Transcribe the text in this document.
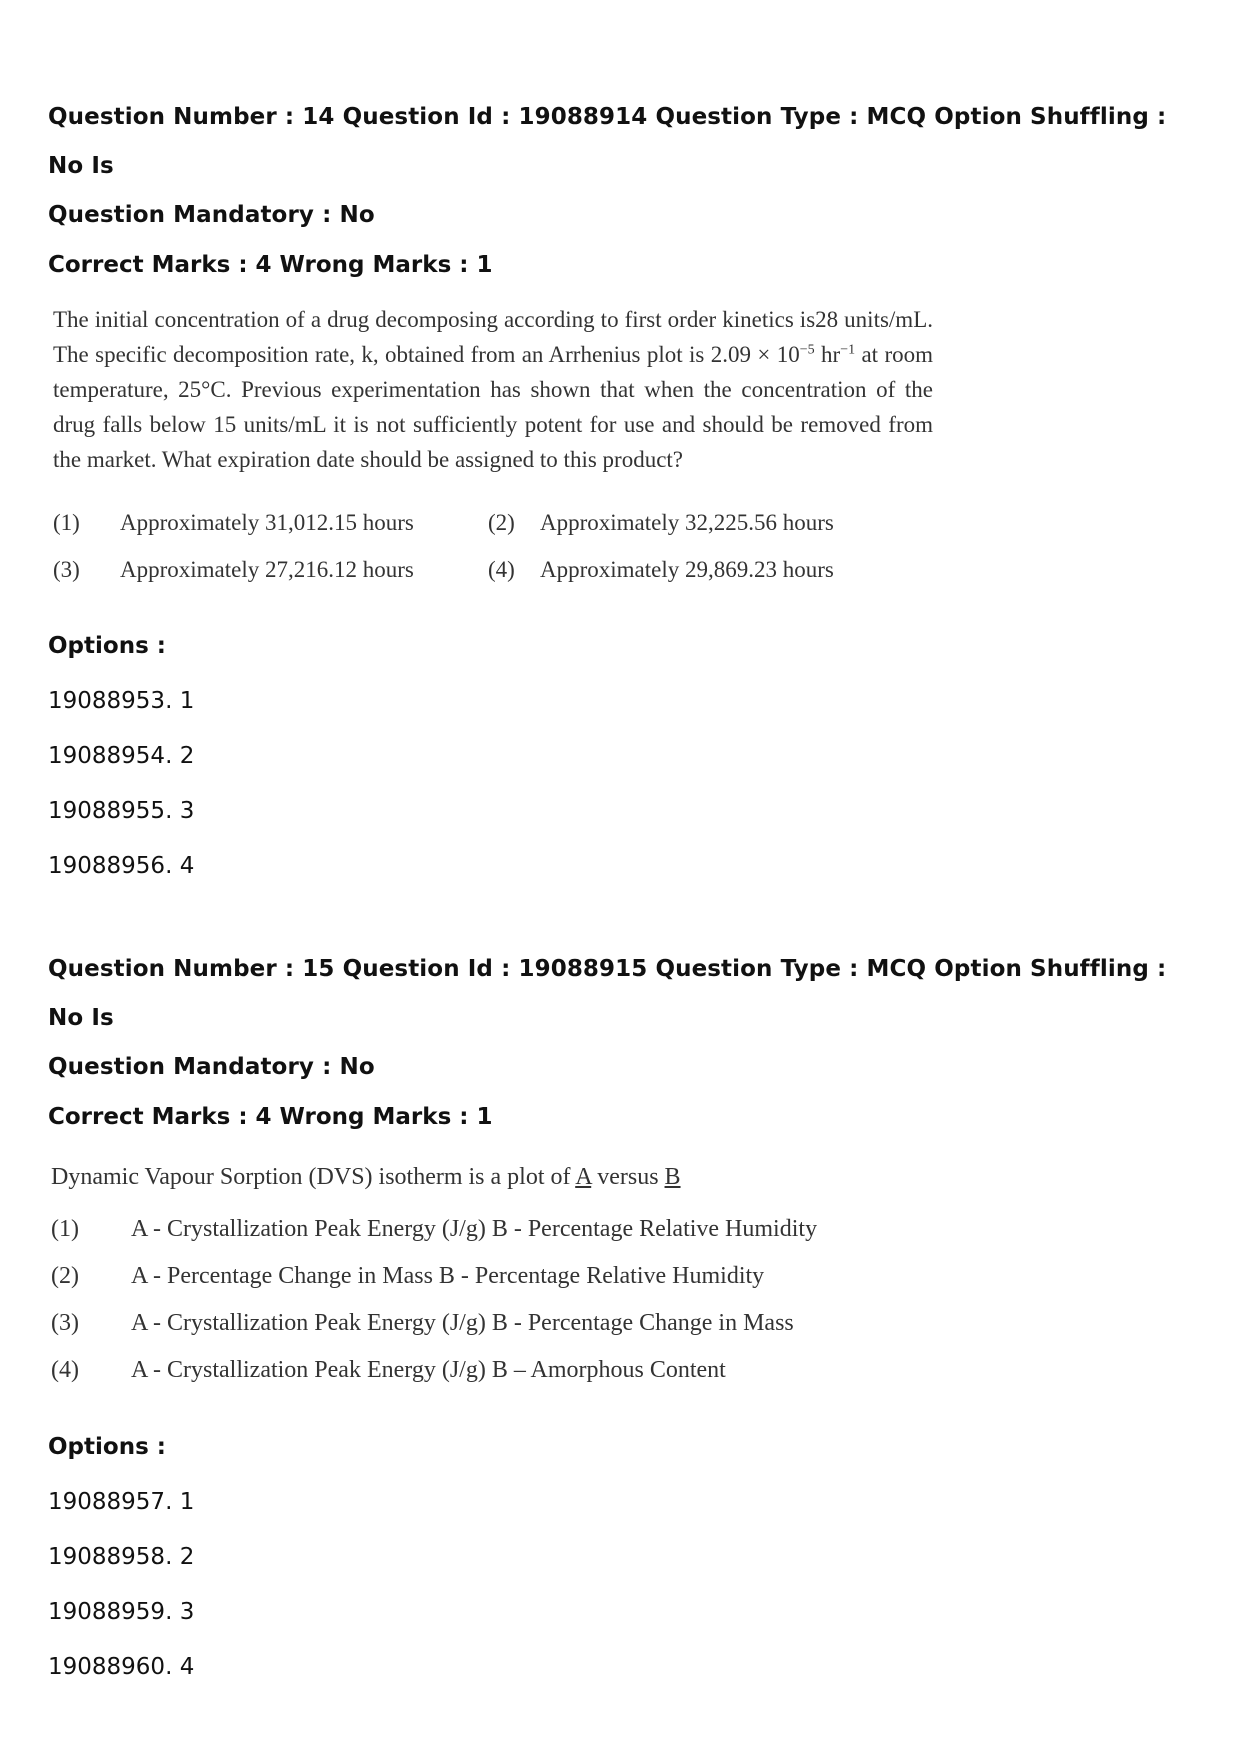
Question Number : 14 Question Id : 19088914 Question Type : MCQ Option Shuffling : No Is
Question Mandatory : No
Correct Marks : 4 Wrong Marks : 1
The initial concentration of a drug decomposing according to first order kinetics is28 units/mL. The specific decomposition rate, k, obtained from an Arrhenius plot is $2.09 \times 10^{-5}$ $hr^{-1}$ at room temperature, 25°C. Previous experimentation has shown that when the concentration of the drug falls below 15 units/mL it is not sufficiently potent for use and should be removed from the market. What expiration date should be assigned to this product?
(1)	Approximately 31,012.15 hours	(2)	Approximately 32,225.56 hours
(3)	Approximately 27,216.12 hours	(4)	Approximately 29,869.23 hours
Options :
19088953. 1
19088954. 2
19088955. 3
19088956. 4
Question Number : 15 Question Id : 19088915 Question Type : MCQ Option Shuffling : No Is
Question Mandatory : No
Correct Marks : 4 Wrong Marks : 1
Dynamic Vapour Sorption (DVS) isotherm is a plot of A versus B
(1)	A - Crystallization Peak Energy (J/g) B - Percentage Relative Humidity
(2)	A - Percentage Change in Mass B - Percentage Relative Humidity
(3)	A - Crystallization Peak Energy (J/g) B - Percentage Change in Mass
(4)	A - Crystallization Peak Energy (J/g) B – Amorphous Content
Options :
19088957. 1
19088958. 2
19088959. 3
19088960. 4
